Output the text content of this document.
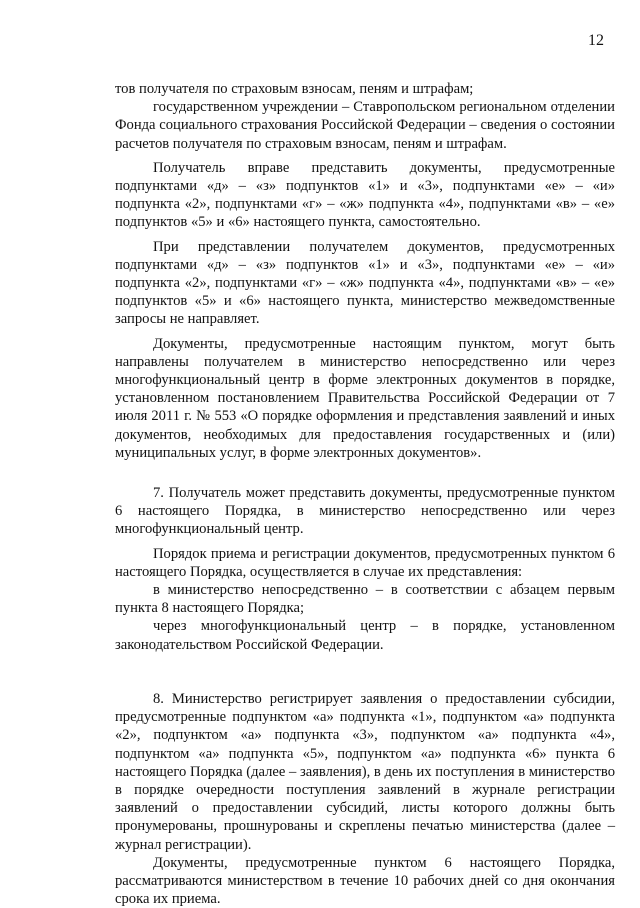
12

тов получателя по страховым взносам, пеням и штрафам;

государственном учреждении – Ставропольском региональном отделении Фонда социального страхования Российской Федерации – сведения о состоянии расчетов получателя по страховым взносам, пеням и штрафам.

Получатель вправе представить документы, предусмотренные подпунктами «д» – «з» подпунктов «1» и «3», подпунктами «е» – «и» подпункта «2», подпунктами «г» – «ж» подпункта «4», подпунктами «в» – «е» подпунктов «5» и «6» настоящего пункта, самостоятельно.

При представлении получателем документов, предусмотренных подпунктами «д» – «з» подпунктов «1» и «3», подпунктами «е» – «и» подпункта «2», подпунктами «г» – «ж» подпункта «4», подпунктами «в» – «е» подпунктов «5» и «6» настоящего пункта, министерство межведомственные запросы не направляет.

Документы, предусмотренные настоящим пунктом, могут быть направлены получателем в министерство непосредственно или через многофункциональный центр в форме электронных документов в порядке, установленном постановлением Правительства Российской Федерации от 7 июля 2011 г. № 553 «О порядке оформления и представления заявлений и иных документов, необходимых для предоставления государственных и (или) муниципальных услуг, в форме электронных документов».

7. Получатель может представить документы, предусмотренные пунктом 6 настоящего Порядка, в министерство непосредственно или через многофункциональный центр.

Порядок приема и регистрации документов, предусмотренных пунктом 6 настоящего Порядка, осуществляется в случае их представления:

в министерство непосредственно – в соответствии с абзацем первым пункта 8 настоящего Порядка;

через многофункциональный центр – в порядке, установленном законодательством Российской Федерации.

8. Министерство регистрирует заявления о предоставлении субсидии, предусмотренные подпунктом «а» подпункта «1», подпунктом «а» подпункта «2», подпунктом «а» подпункта «3», подпунктом «а» подпункта «4», подпунктом «а» подпункта «5», подпунктом «а» подпункта «6» пункта 6 настоящего Порядка (далее – заявления), в день их поступления в министерство в порядке очередности поступления заявлений в журнале регистрации заявлений о предоставлении субсидий, листы которого должны быть пронумерованы, прошнурованы и скреплены печатью министерства (далее – журнал регистрации).

Документы, предусмотренные пунктом 6 настоящего Порядка, рассматриваются министерством в течение 10 рабочих дней со дня окончания срока их приема.
